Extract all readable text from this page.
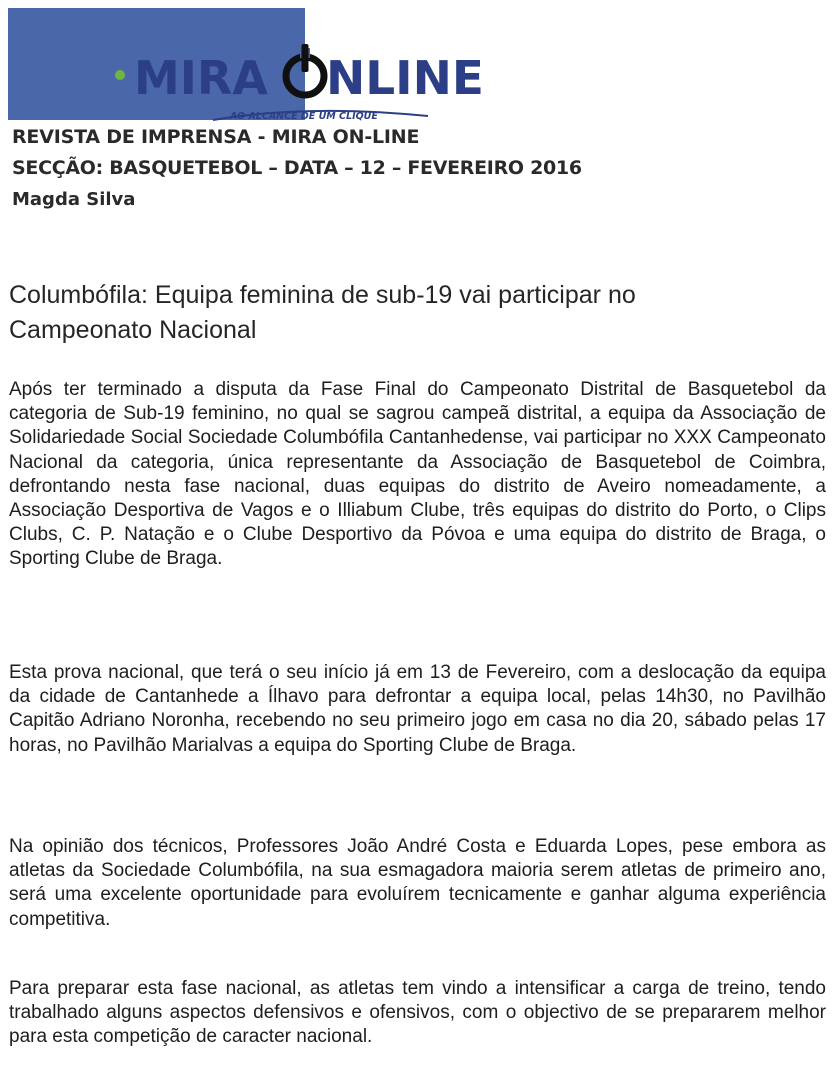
MIRA NLINE
AO ALCANCE DE UM CLIQUE
REVISTA DE IMPRENSA - MIRA ON-LINE
SECÇÃO: BASQUETEBOL – DATA – 12 – FEVEREIRO 2016
Magda Silva
Columbófila: Equipa feminina de sub-19 vai participar no
Campeonato Nacional

Após ter terminado a disputa da Fase Final do Campeonato Distrital de Basquetebol da categoria de Sub-19 feminino, no qual se sagrou campeã distrital, a equipa da Associação de Solidariedade Social Sociedade Columbófila Cantanhedense, vai participar no XXX Campeonato Nacional da categoria, única representante da Associação de Basquetebol de Coimbra, defrontando nesta fase nacional, duas equipas do distrito de Aveiro nomeadamente, a Associação Desportiva de Vagos e o Illiabum Clube, três equipas do distrito do Porto, o Clips Clubs, C. P. Natação e o Clube Desportivo da Póvoa e uma equipa do distrito de Braga, o Sporting Clube de Braga.

Esta prova nacional, que terá o seu início já em 13 de Fevereiro, com a deslocação da equipa da cidade de Cantanhede a Ílhavo para defrontar a equipa local, pelas 14h30, no Pavilhão Capitão Adriano Noronha, recebendo no seu primeiro jogo em casa no dia 20, sábado pelas 17 horas, no Pavilhão Marialvas a equipa do Sporting Clube de Braga.

Na opinião dos técnicos, Professores João André Costa e Eduarda Lopes, pese embora as atletas da Sociedade Columbófila, na sua esmagadora maioria serem atletas de primeiro ano, será uma excelente oportunidade para evoluírem tecnicamente e ganhar alguma experiência competitiva.

Para preparar esta fase nacional, as atletas tem vindo a intensificar a carga de treino, tendo trabalhado alguns aspectos defensivos e ofensivos, com o objectivo de se prepararem melhor para esta competição de caracter nacional.
